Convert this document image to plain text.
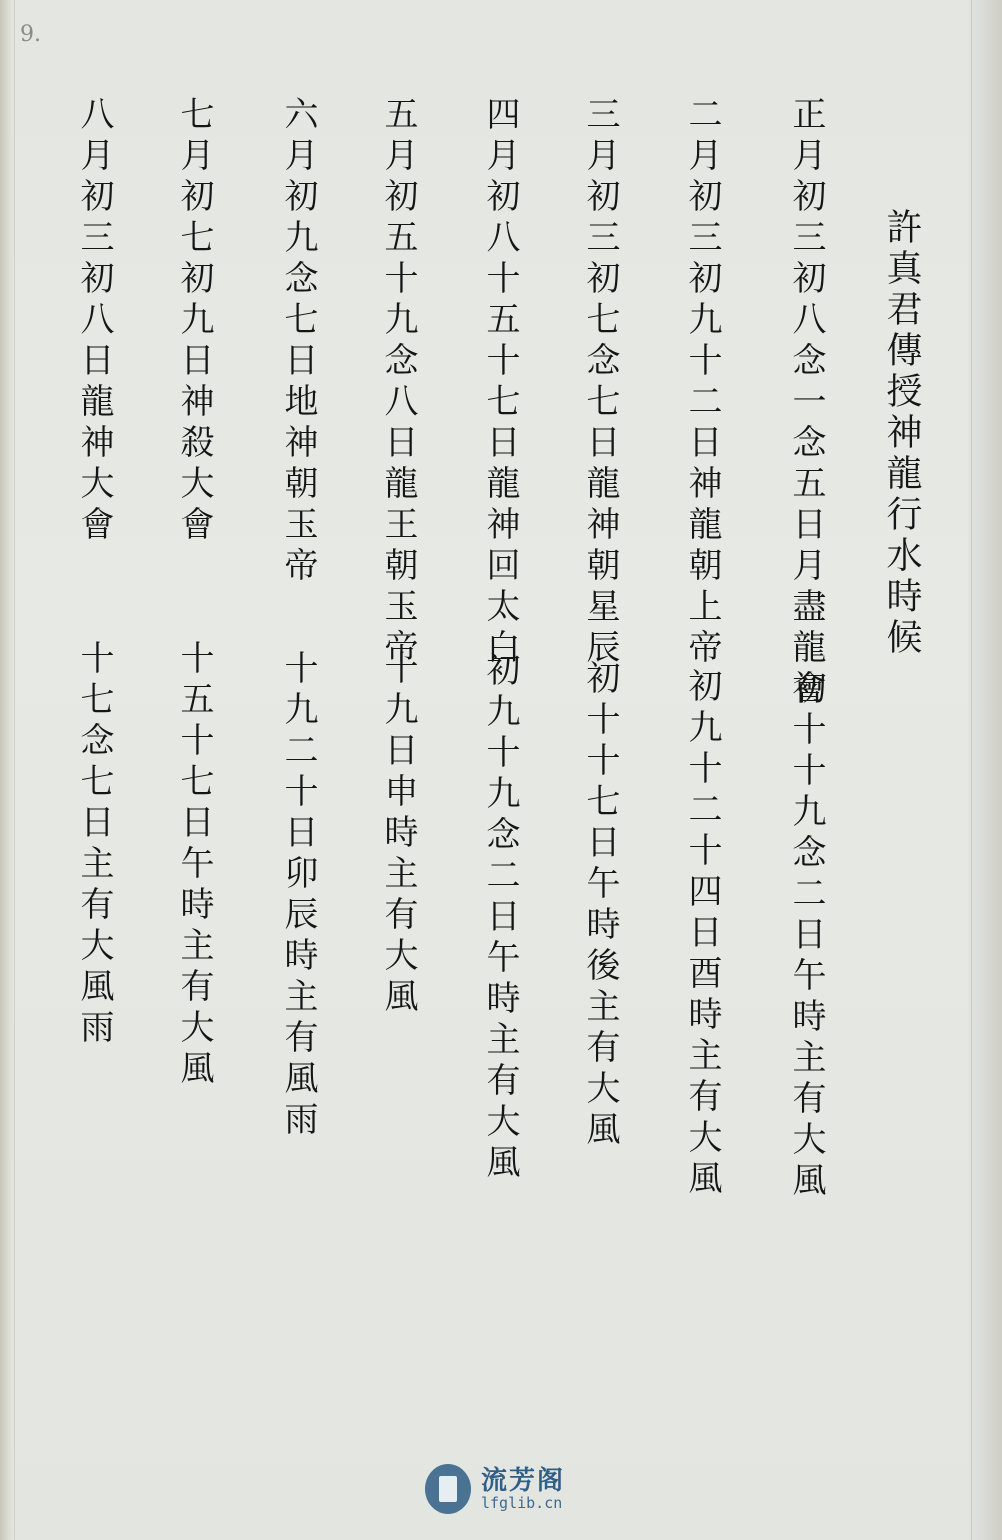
9.
許真君傳授神龍行水時候
正月初三初八念一念五日月盡龍會
二月初三初九十二日神龍朝上帝
三月初三初七念七日龍神朝星辰
四月初八十五十七日龍神回太白
五月初五十九念八日龍王朝玉帝
六月初九念七日地神朝玉帝
七月初七初九日神殺大會
八月初三初八日龍神大會
初十十九念二日午時主有大風
初九十二十四日酉時主有大風
初十十七日午時後主有大風
初九十九念二日午時主有大風
十九日申時主有大風
十九二十日卯辰時主有風雨
十五十七日午時主有大風
十七念七日主有大風雨
流芳阁
lfglib.cn
